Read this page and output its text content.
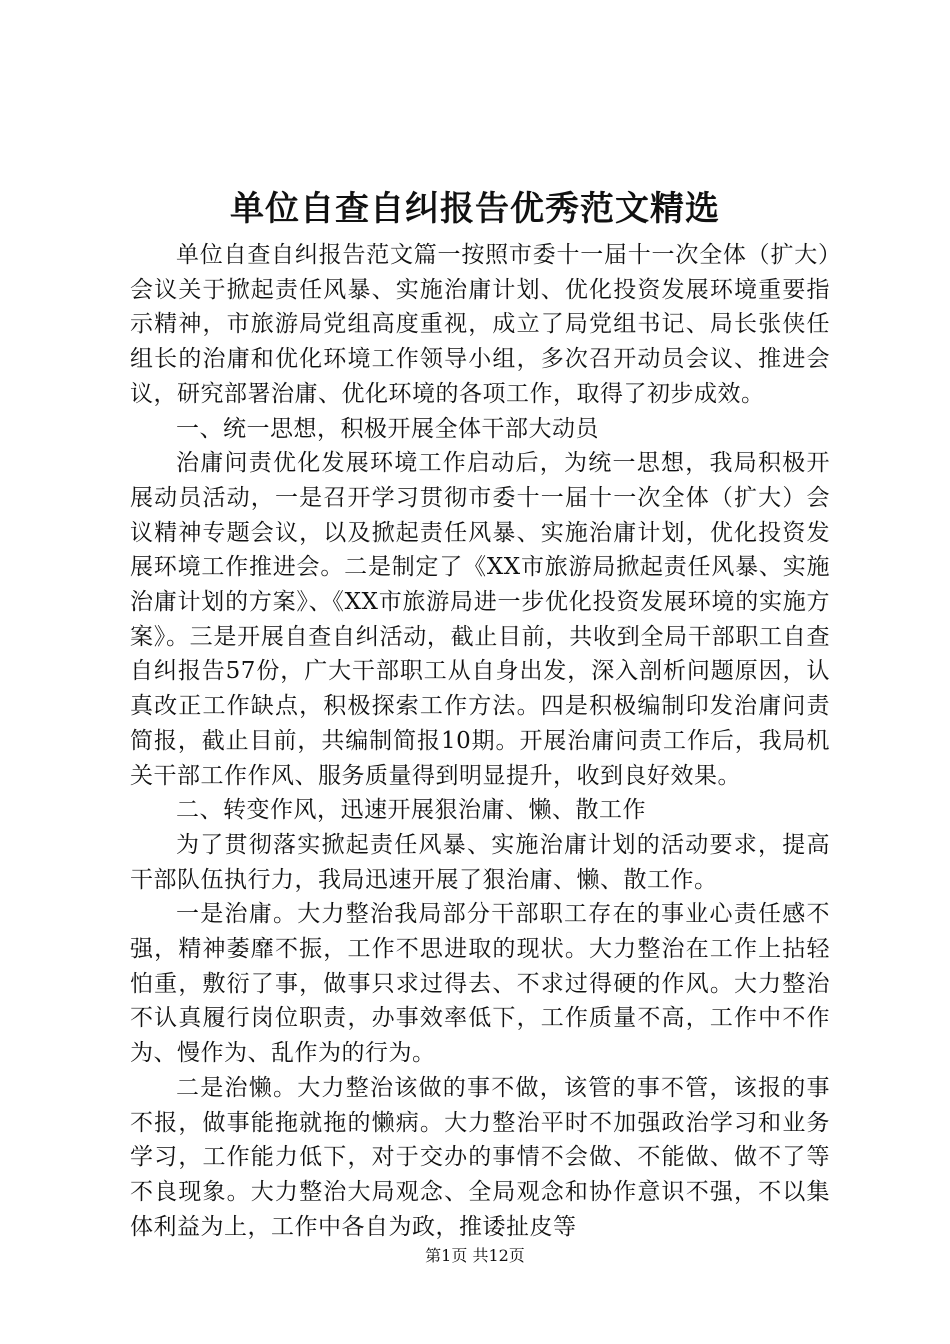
单位自查自纠报告优秀范文精选

单位自查自纠报告范文篇一按照市委十一届十一次全体（扩大）会议关于掀起责任风暴、实施治庸计划、优化投资发展环境重要指示精神，市旅游局党组高度重视，成立了局党组书记、局长张侠任组长的治庸和优化环境工作领导小组，多次召开动员会议、推进会议，研究部署治庸、优化环境的各项工作，取得了初步成效。

一、统一思想，积极开展全体干部大动员

治庸问责优化发展环境工作启动后，为统一思想，我局积极开展动员活动，一是召开学习贯彻市委十一届十一次全体（扩大）会议精神专题会议，以及掀起责任风暴、实施治庸计划，优化投资发展环境工作推进会。二是制定了《XX市旅游局掀起责任风暴、实施治庸计划的方案》、《XX市旅游局进一步优化投资发展环境的实施方案》。三是开展自查自纠活动，截止目前，共收到全局干部职工自查自纠报告57份，广大干部职工从自身出发，深入剖析问题原因，认真改正工作缺点，积极探索工作方法。四是积极编制印发治庸问责简报，截止目前，共编制简报10期。开展治庸问责工作后，我局机关干部工作作风、服务质量得到明显提升，收到良好效果。

二、转变作风，迅速开展狠治庸、懒、散工作

为了贯彻落实掀起责任风暴、实施治庸计划的活动要求，提高干部队伍执行力，我局迅速开展了狠治庸、懒、散工作。

一是治庸。大力整治我局部分干部职工存在的事业心责任感不强，精神萎靡不振，工作不思进取的现状。大力整治在工作上拈轻怕重，敷衍了事，做事只求过得去、不求过得硬的作风。大力整治不认真履行岗位职责，办事效率低下，工作质量不高，工作中不作为、慢作为、乱作为的行为。

二是治懒。大力整治该做的事不做，该管的事不管，该报的事不报，做事能拖就拖的懒病。大力整治平时不加强政治学习和业务学习，工作能力低下，对于交办的事情不会做、不能做、做不了等不良现象。大力整治大局观念、全局观念和协作意识不强，不以集体利益为上，工作中各自为政，推诿扯皮等

第1页 共12页
